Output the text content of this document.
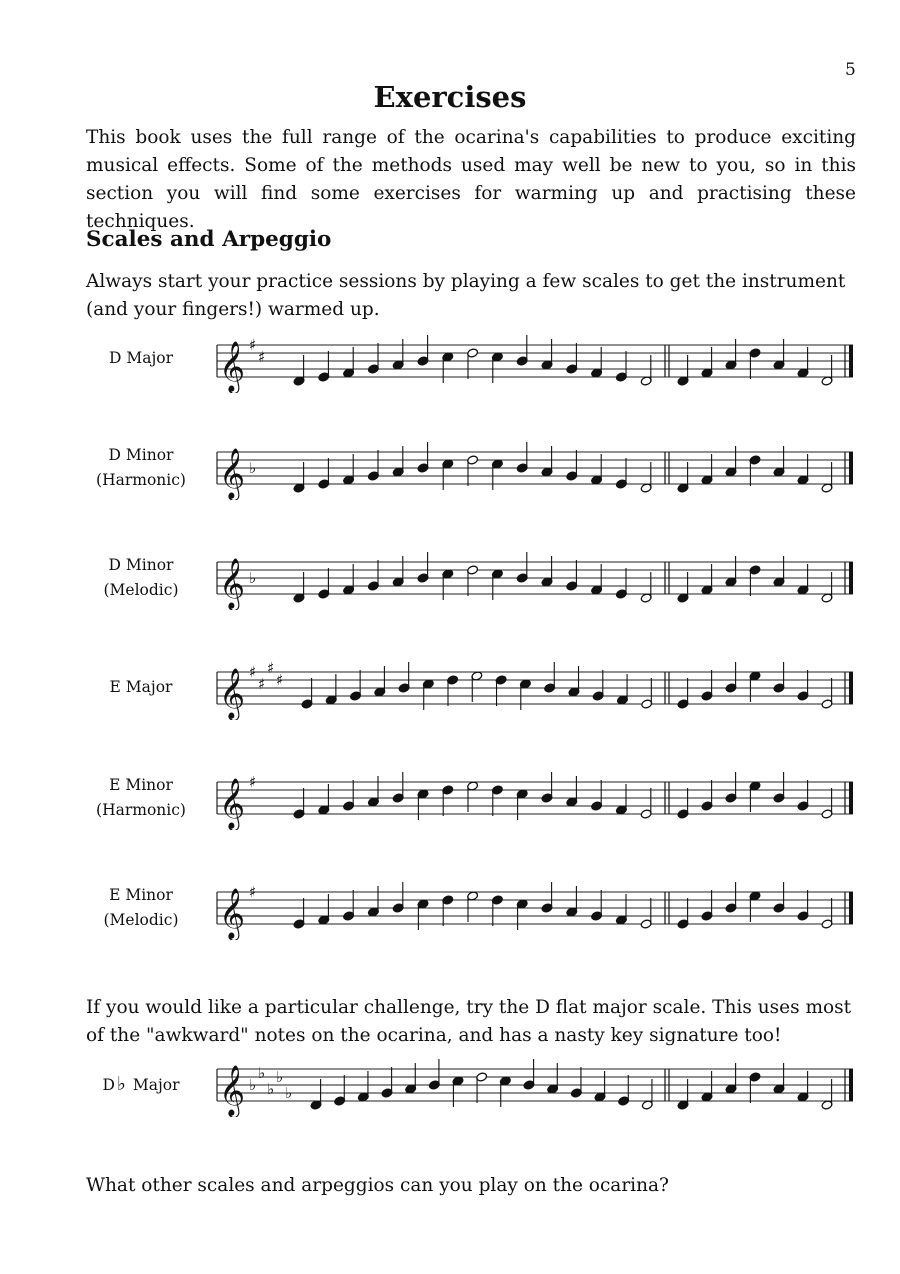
5
Exercises
This book uses the full range of the ocarina's capabilities to produce exciting musical effects. Some of the methods used may well be new to you, so in this section you will find some exercises for warming up and practising these techniques.
Scales and Arpeggio
Always start your practice sessions by playing a few scales to get the instrument (and your fingers!) warmed up.
D Major	𝄞 ♯
♯
D Minor
(Harmonic) 𝄞 ♭
D Minor
(Melodic) 𝄞 ♭
E Major	𝄞 ♯
♯
♯
♯
E Minor
(Harmonic) 𝄞 ♯
E Minor
(Melodic) 𝄞 ♯
If you would like a particular challenge, try the D flat major scale. This uses most of the "awkward" notes on the ocarina, and has a nasty key signature too!
D ♭ Major 𝄞 ♭
♭
♭
♭
♭
What other scales and arpeggios can you play on the ocarina?
